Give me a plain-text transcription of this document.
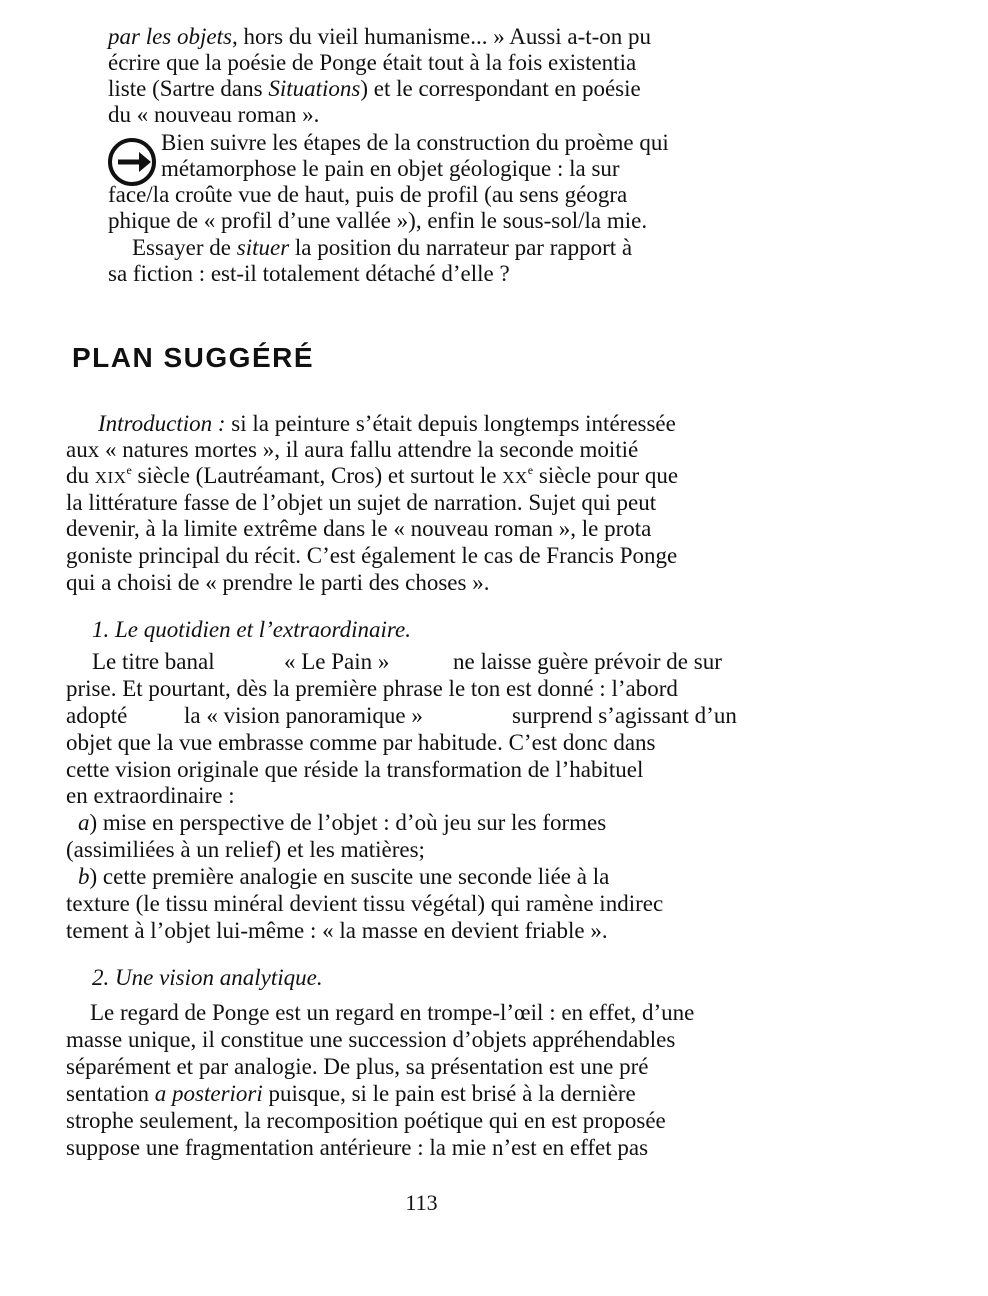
par les objets, hors du vieil humanisme... » Aussi a-t-on pu
écrire que la poésie de Ponge était tout à la fois existentia
liste (Sartre dans Situations) et le correspondant en poésie
du « nouveau roman ».
Bien suivre les étapes de la construction du proème qui
métamorphose le pain en objet géologique : la sur
face/la croûte vue de haut, puis de profil (au sens géogra
phique de « profil d’une vallée »), enfin le sous-sol/la mie.
Essayer de situer la position du narrateur par rapport à
sa fiction : est-il totalement détaché d’elle ?
PLAN SUGGÉRÉ
Introduction : si la peinture s’était depuis longtemps intéressée
aux « natures mortes », il aura fallu attendre la seconde moitié
du XIXe siècle (Lautréamant, Cros) et surtout le XXe siècle pour que
la littérature fasse de l’objet un sujet de narration. Sujet qui peut
devenir, à la limite extrême dans le « nouveau roman », le prota
goniste principal du récit. C’est également le cas de Francis Ponge
qui a choisi de « prendre le parti des choses ».
1. Le quotidien et l’extraordinaire.
Le titre banal	« Le Pain »	ne laisse guère prévoir de sur
prise. Et pourtant, dès la première phrase le ton est donné : l’abord
adopté la « vision panoramique »	surprend s’agissant d’un
objet que la vue embrasse comme par habitude. C’est donc dans
cette vision originale que réside la transformation de l’habituel
en extraordinaire :
a) mise en perspective de l’objet : d’où jeu sur les formes
(assimiliées à un relief) et les matières;
b) cette première analogie en suscite une seconde liée à la
texture (le tissu minéral devient tissu végétal) qui ramène indirec
tement à l’objet lui-même : « la masse en devient friable ».
2. Une vision analytique.
Le regard de Ponge est un regard en trompe-l’œil : en effet, d’une
masse unique, il constitue une succession d’objets appréhendables
séparément et par analogie. De plus, sa présentation est une pré
sentation a posteriori puisque, si le pain est brisé à la dernière
strophe seulement, la recomposition poétique qui en est proposée
suppose une fragmentation antérieure : la mie n’est en effet pas
113
